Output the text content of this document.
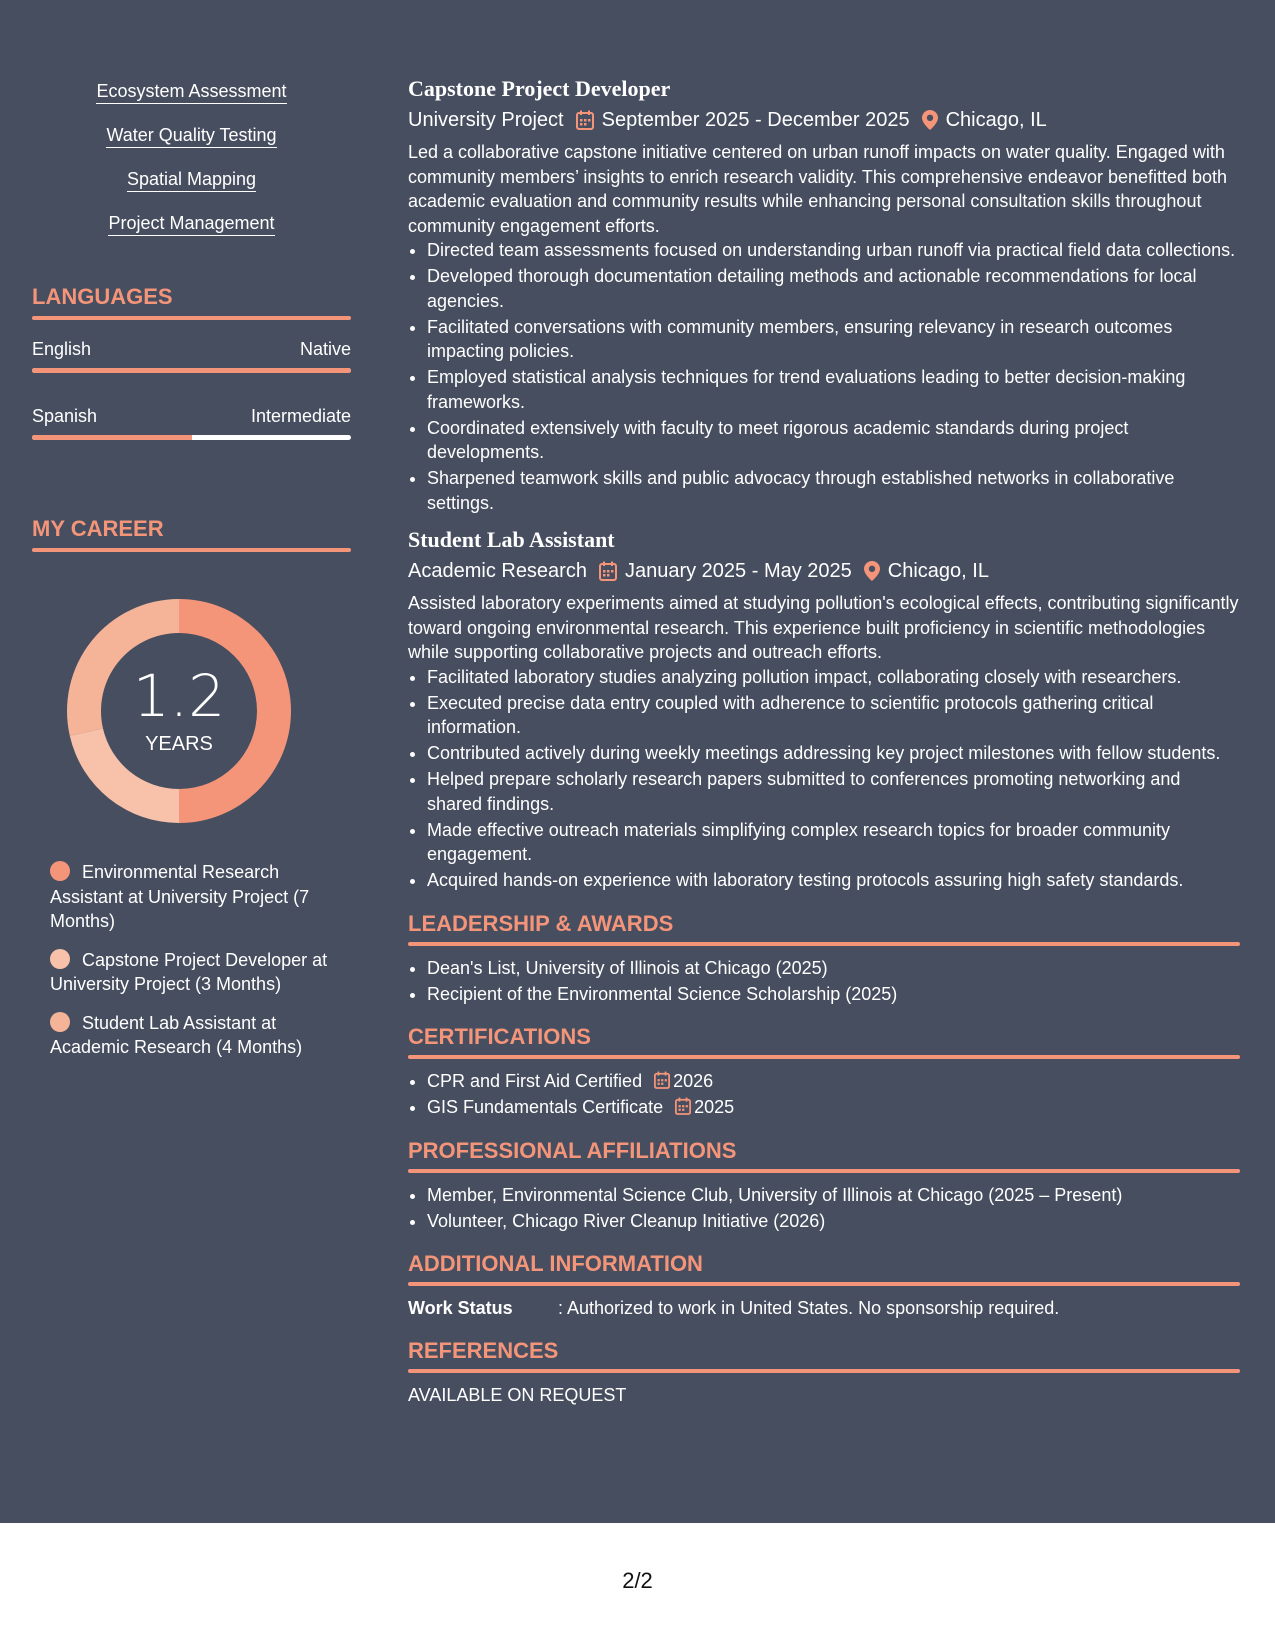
Ecosystem Assessment
Water Quality Testing
Spatial Mapping
Project Management
LANGUAGES
English	Native
Spanish	Intermediate
MY CAREER
1.2
YEARS
Environmental Research Assistant at University Project (7 Months)
Capstone Project Developer at University Project (3 Months)
Student Lab Assistant at Academic Research (4 Months)
Capstone Project Developer
University Project September 2025 - December 2025 Chicago, IL
Led a collaborative capstone initiative centered on urban runoff impacts on water quality. Engaged with community members’ insights to enrich research validity. This comprehensive endeavor benefitted both academic evaluation and community results while enhancing personal consultation skills throughout community engagement efforts.
• Directed team assessments focused on understanding urban runoff via practical field data collections.
• Developed thorough documentation detailing methods and actionable recommendations for local agencies.
• Facilitated conversations with community members, ensuring relevancy in research outcomes impacting policies.
• Employed statistical analysis techniques for trend evaluations leading to better decision-making frameworks.
• Coordinated extensively with faculty to meet rigorous academic standards during project developments.
• Sharpened teamwork skills and public advocacy through established networks in collaborative settings.
Student Lab Assistant
Academic Research January 2025 - May 2025 Chicago, IL
Assisted laboratory experiments aimed at studying pollution's ecological effects, contributing significantly toward ongoing environmental research. This experience built proficiency in scientific methodologies while supporting collaborative projects and outreach efforts.
• Facilitated laboratory studies analyzing pollution impact, collaborating closely with researchers.
• Executed precise data entry coupled with adherence to scientific protocols gathering critical information.
• Contributed actively during weekly meetings addressing key project milestones with fellow students.
• Helped prepare scholarly research papers submitted to conferences promoting networking and shared findings.
• Made effective outreach materials simplifying complex research topics for broader community engagement.
• Acquired hands-on experience with laboratory testing protocols assuring high safety standards.
LEADERSHIP & AWARDS
• Dean's List, University of Illinois at Chicago (2025)
• Recipient of the Environmental Science Scholarship (2025)
CERTIFICATIONS
• CPR and First Aid Certified 2026
• GIS Fundamentals Certificate 2025
PROFESSIONAL AFFILIATIONS
• Member, Environmental Science Club, University of Illinois at Chicago (2025 – Present)
• Volunteer, Chicago River Cleanup Initiative (2026)
ADDITIONAL INFORMATION
Work Status	: Authorized to work in United States. No sponsorship required.
REFERENCES
AVAILABLE ON REQUEST
2/2
